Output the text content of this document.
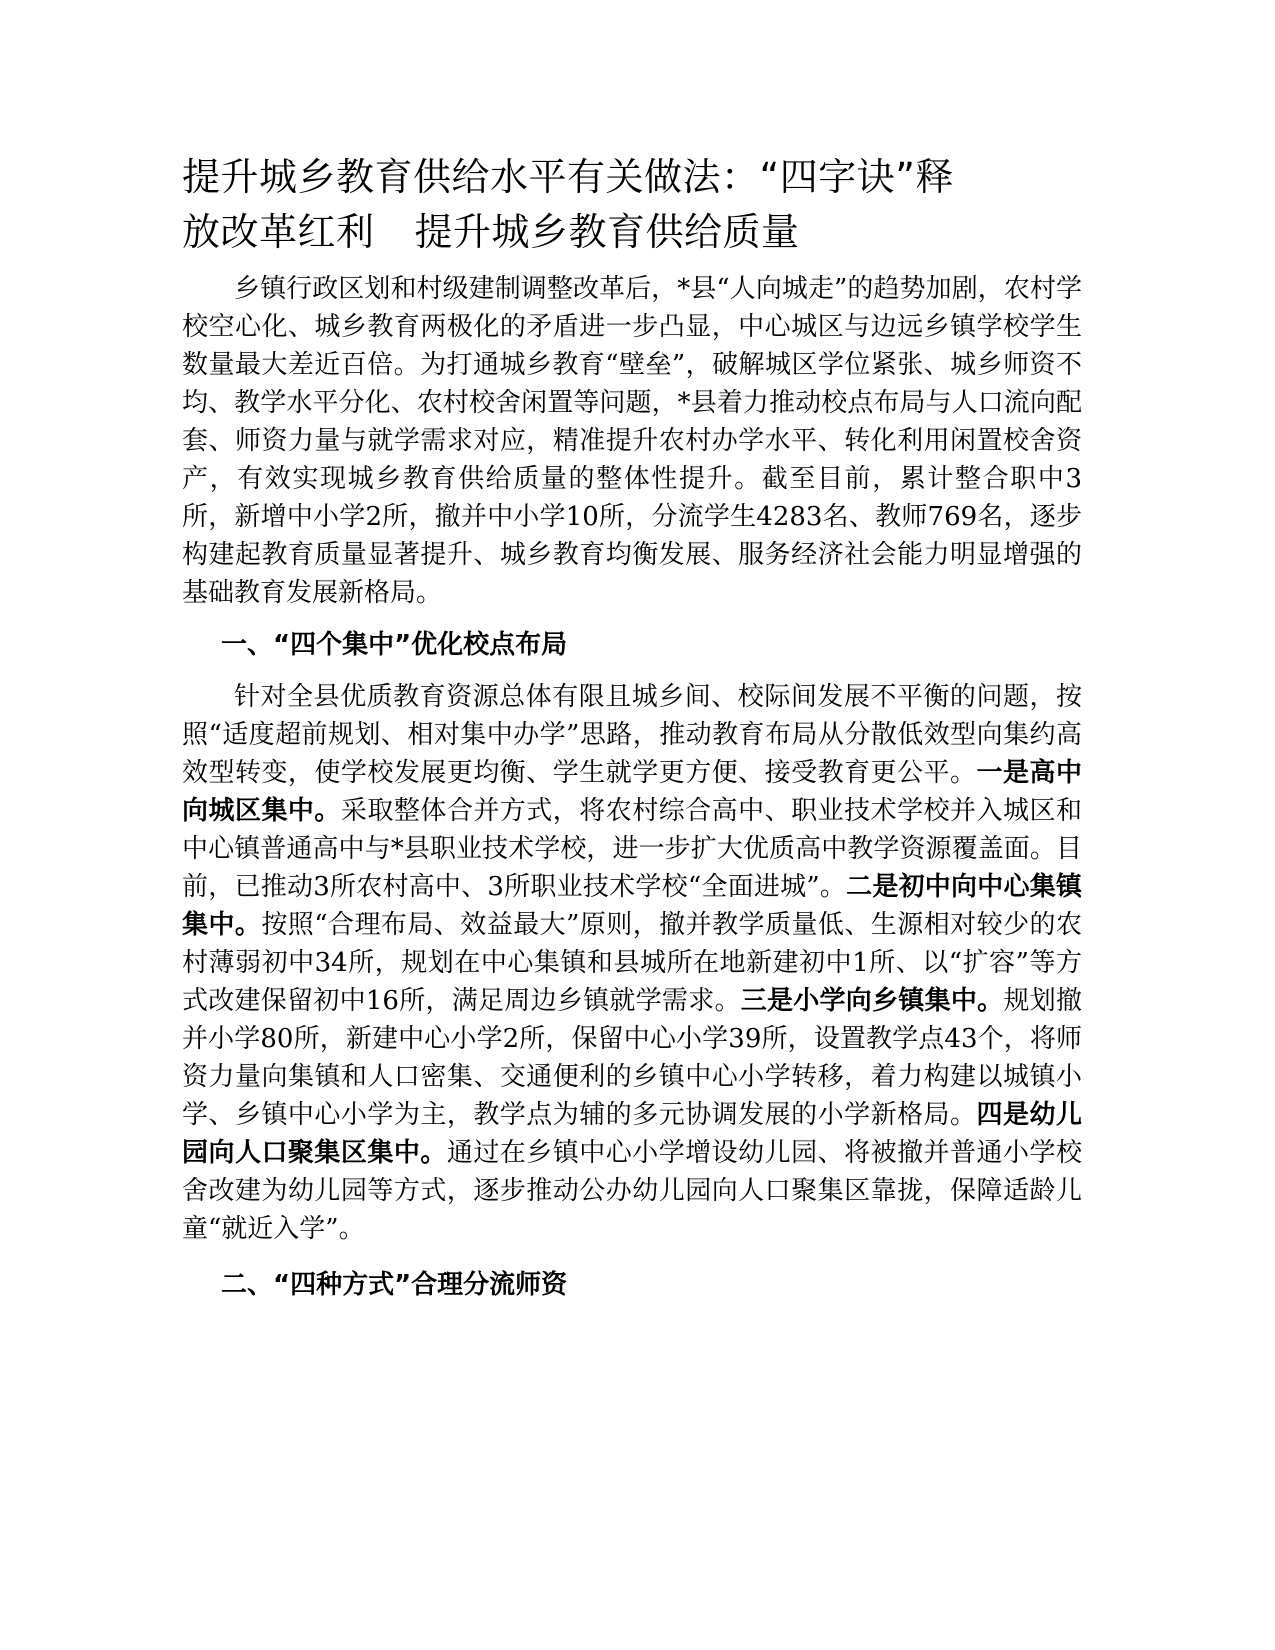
提升城乡教育供给水平有关做法：“四字诀”释
放改革红利 提升城乡教育供给质量

乡镇行政区划和村级建制调整改革后，*县“人向城走”的趋势加剧，农村学校空心化、城乡教育两极化的矛盾进一步凸显，中心城区与边远乡镇学校学生数量最大差近百倍。为打通城乡教育“壁垒”，破解城区学位紧张、城乡师资不均、教学水平分化、农村校舍闲置等问题，*县着力推动校点布局与人口流向配套、师资力量与就学需求对应，精准提升农村办学水平、转化利用闲置校舍资产，有效实现城乡教育供给质量的整体性提升。截至目前，累计整合职中3所，新增中小学2所，撤并中小学10所，分流学生4283名、教师769名，逐步构建起教育质量显著提升、城乡教育均衡发展、服务经济社会能力明显增强的基础教育发展新格局。

一、“四个集中”优化校点布局

针对全县优质教育资源总体有限且城乡间、校际间发展不平衡的问题，按照“适度超前规划、相对集中办学”思路，推动教育布局从分散低效型向集约高效型转变，使学校发展更均衡、学生就学更方便、接受教育更公平。一是高中向城区集中。采取整体合并方式，将农村综合高中、职业技术学校并入城区和中心镇普通高中与*县职业技术学校，进一步扩大优质高中教学资源覆盖面。目前，已推动3所农村高中、3所职业技术学校“全面进城”。二是初中向中心集镇集中。按照“合理布局、效益最大”原则，撤并教学质量低、生源相对较少的农村薄弱初中34所，规划在中心集镇和县城所在地新建初中1所、以“扩容”等方式改建保留初中16所，满足周边乡镇就学需求。三是小学向乡镇集中。规划撤并小学80所，新建中心小学2所，保留中心小学39所，设置教学点43个，将师资力量向集镇和人口密集、交通便利的乡镇中心小学转移，着力构建以城镇小学、乡镇中心小学为主，教学点为辅的多元协调发展的小学新格局。四是幼儿园向人口聚集区集中。通过在乡镇中心小学增设幼儿园、将被撤并普通小学校舍改建为幼儿园等方式，逐步推动公办幼儿园向人口聚集区靠拢，保障适龄儿童“就近入学”。

二、“四种方式”合理分流师资
